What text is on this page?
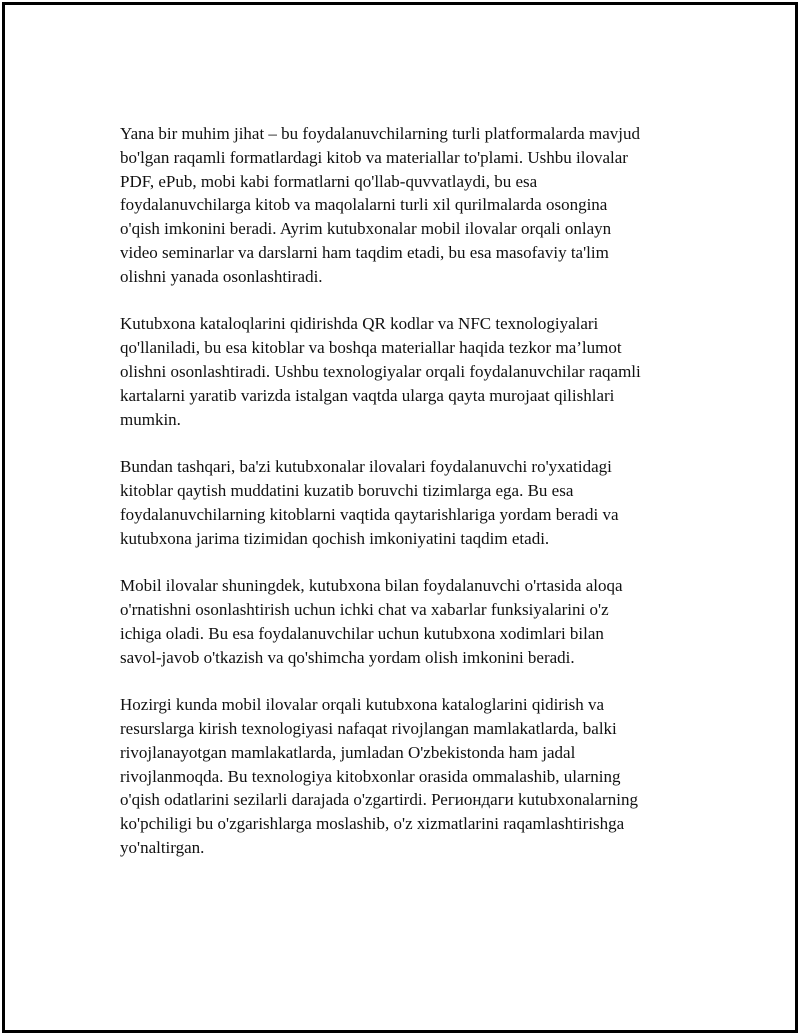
Yana bir muhim jihat – bu foydalanuvchilarning turli platformalarda mavjud
bo'lgan raqamli formatlardagi kitob va materiallar to'plami. Ushbu ilovalar
PDF, ePub, mobi kabi formatlarni qo'llab-quvvatlaydi, bu esa
foydalanuvchilarga kitob va maqolalarni turli xil qurilmalarda osongina
o'qish imkonini beradi. Ayrim kutubxonalar mobil ilovalar orqali onlayn
video seminarlar va darslarni ham taqdim etadi, bu esa masofaviy ta'lim
olishni yanada osonlashtiradi.

Kutubxona kataloqlarini qidirishda QR kodlar va NFC texnologiyalari
qo'llaniladi, bu esa kitoblar va boshqa materiallar haqida tezkor ma’lumot
olishni osonlashtiradi. Ushbu texnologiyalar orqali foydalanuvchilar raqamli
kartalarni yaratib varizda istalgan vaqtda ularga qayta murojaat qilishlari
mumkin.

Bundan tashqari, ba'zi kutubxonalar ilovalari foydalanuvchi ro'yxatidagi
kitoblar qaytish muddatini kuzatib boruvchi tizimlarga ega. Bu esa
foydalanuvchilarning kitoblarni vaqtida qaytarishlariga yordam beradi va
kutubxona jarima tizimidan qochish imkoniyatini taqdim etadi.

Mobil ilovalar shuningdek, kutubxona bilan foydalanuvchi o'rtasida aloqa
o'rnatishni osonlashtirish uchun ichki chat va xabarlar funksiyalarini o'z
ichiga oladi. Bu esa foydalanuvchilar uchun kutubxona xodimlari bilan
savol-javob o'tkazish va qo'shimcha yordam olish imkonini beradi.

Hozirgi kunda mobil ilovalar orqali kutubxona kataloglarini qidirish va
resurslarga kirish texnologiyasi nafaqat rivojlangan mamlakatlarda, balki
rivojlanayotgan mamlakatlarda, jumladan O'zbekistonda ham jadal
rivojlanmoqda. Bu texnologiya kitobxonlar orasida ommalashib, ularning
o'qish odatlarini sezilarli darajada o'zgartirdi. Региондаги kutubxonalarning
ko'pchiligi bu o'zgarishlarga moslashib, o'z xizmatlarini raqamlashtirishga
yo'naltirgan.
